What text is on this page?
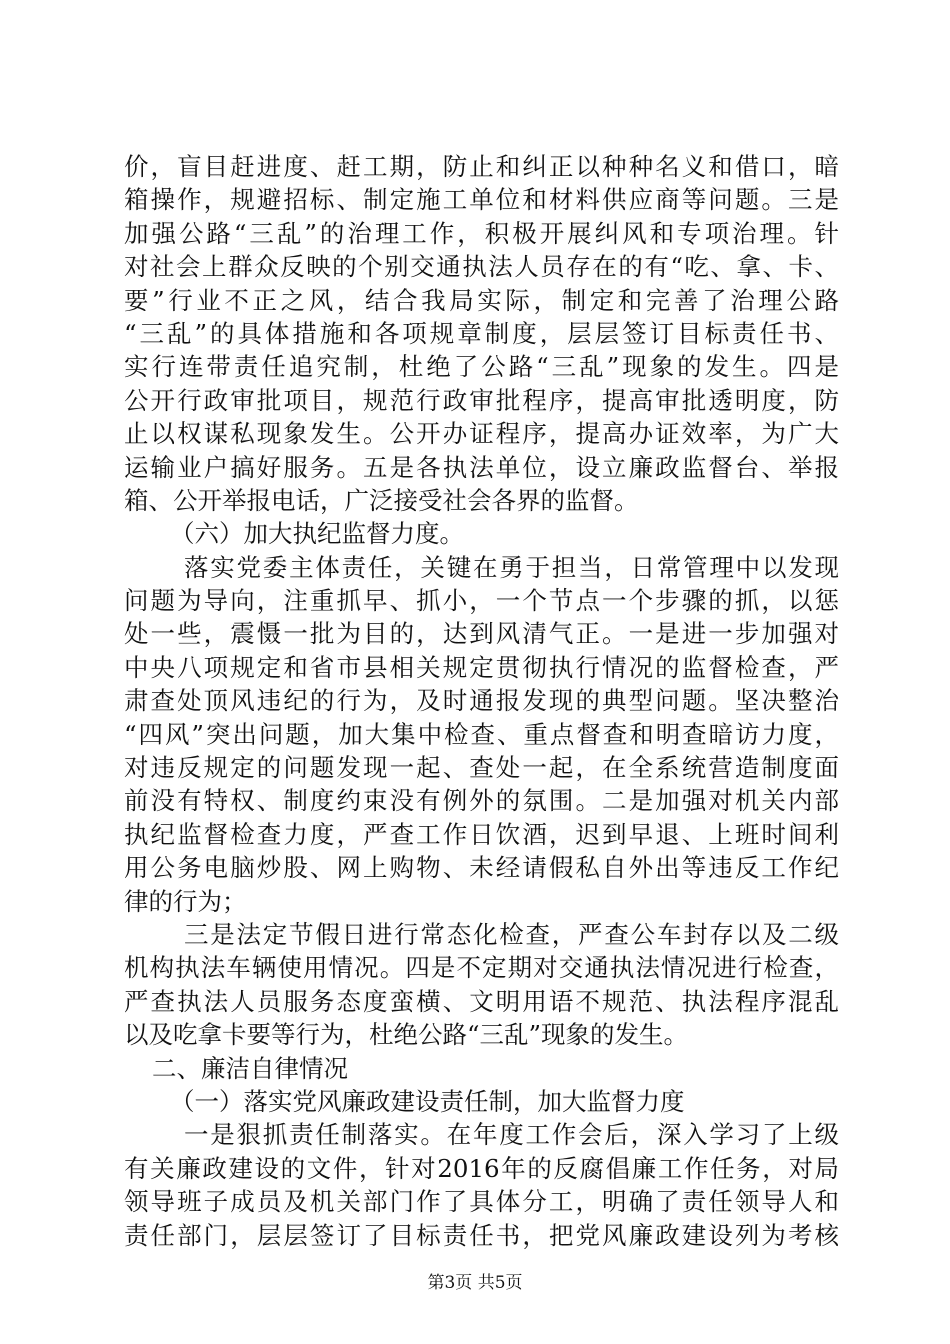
价，盲目赶进度、赶工期，防止和纠正以种种名义和借口，暗
箱操作，规避招标、制定施工单位和材料供应商等问题。三是
加强公路“三乱”的治理工作，积极开展纠风和专项治理。针
对社会上群众反映的个别交通执法人员存在的有“吃、拿、卡、
要”行业不正之风，结合我局实际，制定和完善了治理公路
“三乱”的具体措施和各项规章制度，层层签订目标责任书、
实行连带责任追究制，杜绝了公路“三乱”现象的发生。四是
公开行政审批项目，规范行政审批程序，提高审批透明度，防
止以权谋私现象发生。公开办证程序，提高办证效率，为广大
运输业户搞好服务。五是各执法单位，设立廉政监督台、举报
箱、公开举报电话，广泛接受社会各界的监督。
（六）加大执纪监督力度。
落实党委主体责任，关键在勇于担当，日常管理中以发现
问题为导向，注重抓早、抓小，一个节点一个步骤的抓，以惩
处一些，震慑一批为目的，达到风清气正。一是进一步加强对
中央八项规定和省市县相关规定贯彻执行情况的监督检查，严
肃查处顶风违纪的行为，及时通报发现的典型问题。坚决整治
“四风”突出问题，加大集中检查、重点督查和明查暗访力度，
对违反规定的问题发现一起、查处一起，在全系统营造制度面
前没有特权、制度约束没有例外的氛围。二是加强对机关内部
执纪监督检查力度，严查工作日饮酒，迟到早退、上班时间利
用公务电脑炒股、网上购物、未经请假私自外出等违反工作纪
律的行为；
三是法定节假日进行常态化检查，严查公车封存以及二级
机构执法车辆使用情况。四是不定期对交通执法情况进行检查，
严查执法人员服务态度蛮横、文明用语不规范、执法程序混乱
以及吃拿卡要等行为，杜绝公路“三乱”现象的发生。
二、廉洁自律情况
（一）落实党风廉政建设责任制，加大监督力度
一是狠抓责任制落实。在年度工作会后，深入学习了上级
有关廉政建设的文件，针对2016年的反腐倡廉工作任务，对局
领导班子成员及机关部门作了具体分工，明确了责任领导人和
责任部门，层层签订了目标责任书，把党风廉政建设列为考核
第3页 共5页
